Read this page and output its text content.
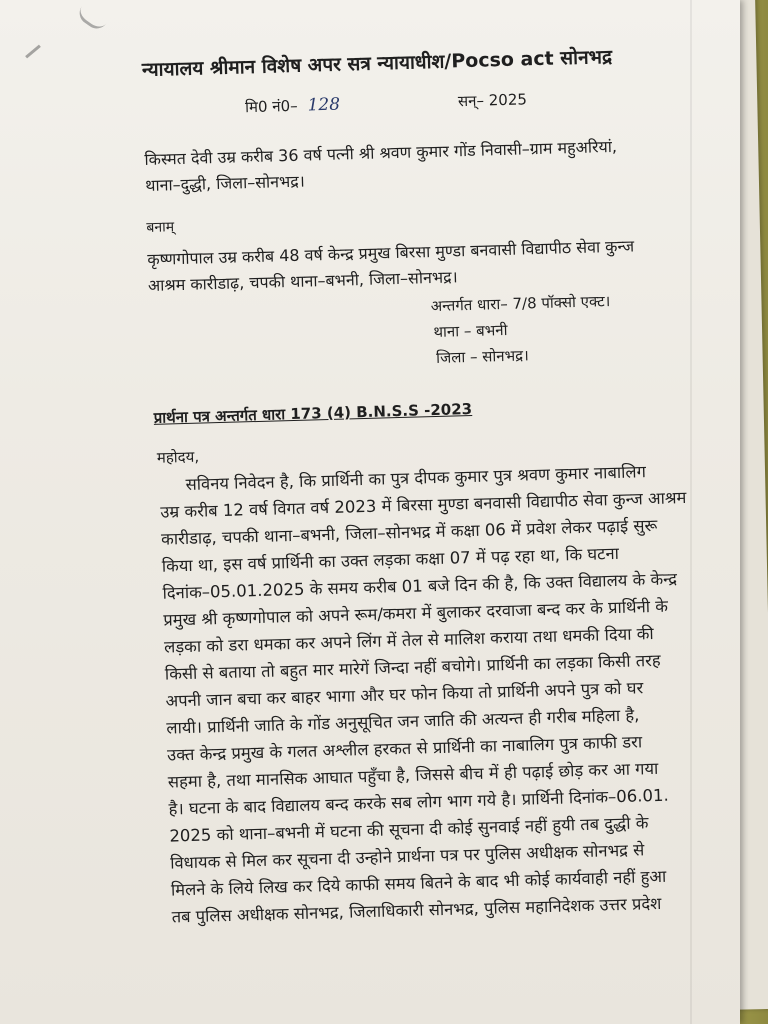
न्यायालय श्रीमान विशेष अपर सत्र न्यायाधीश/Pocso act सोनभद्र
मि0 नं0– 128	सन्– 2025
किस्मत देवी उम्र करीब 36 वर्ष पत्नी श्री श्रवण कुमार गोंड निवासी–ग्राम महुअरियां,
थाना–दुद्धी, जिला–सोनभद्र।
बनाम्
कृष्णगोपाल उम्र करीब 48 वर्ष केन्द्र प्रमुख बिरसा मुण्डा बनवासी विद्यापीठ सेवा कुन्ज
आश्रम कारीडाढ़, चपकी थाना–बभनी, जिला–सोनभद्र।
अन्तर्गत धारा– 7/8 पॉक्सो एक्ट।
थाना – बभनी
जिला – सोनभद्र।
प्रार्थना पत्र अन्तर्गत धारा 173 (4) B.N.S.S -2023
महोदय,
सविनय निवेदन है, कि प्रार्थिनी का पुत्र दीपक कुमार पुत्र श्रवण कुमार नाबालिग
उम्र करीब 12 वर्ष विगत वर्ष 2023 में बिरसा मुण्डा बनवासी विद्यापीठ सेवा कुन्ज आश्रम
कारीडाढ़, चपकी थाना–बभनी, जिला–सोनभद्र में कक्षा 06 में प्रवेश लेकर पढ़ाई सुरू
किया था, इस वर्ष प्रार्थिनी का उक्त लड़का कक्षा 07 में पढ़ रहा था, कि घटना
दिनांक–05.01.2025 के समय करीब 01 बजे दिन की है, कि उक्त विद्यालय के केन्द्र
प्रमुख श्री कृष्णगोपाल को अपने रूम/कमरा में बुलाकर दरवाजा बन्द कर के प्रार्थिनी के
लड़का को डरा धमका कर अपने लिंग में तेल से मालिश कराया तथा धमकी दिया की
किसी से बताया तो बहुत मार मारेगें जिन्दा नहीं बचोगे। प्रार्थिनी का लड़का किसी तरह
अपनी जान बचा कर बाहर भागा और घर फोन किया तो प्रार्थिनी अपने पुत्र को घर
लायी। प्रार्थिनी जाति के गोंड अनुसूचित जन जाति की अत्यन्त ही गरीब महिला है,
उक्त केन्द्र प्रमुख के गलत अश्लील हरकत से प्रार्थिनी का नाबालिग पुत्र काफी डरा
सहमा है, तथा मानसिक आघात पहुँचा है, जिससे बीच में ही पढ़ाई छोड़ कर आ गया
है। घटना के बाद विद्यालय बन्द करके सब लोग भाग गये है। प्रार्थिनी दिनांक–06.01.
2025 को थाना–बभनी में घटना की सूचना दी कोई सुनवाई नहीं हुयी तब दुद्धी के
विधायक से मिल कर सूचना दी उन्होने प्रार्थना पत्र पर पुलिस अधीक्षक सोनभद्र से
मिलने के लिये लिख कर दिये काफी समय बितने के बाद भी कोई कार्यवाही नहीं हुआ
तब पुलिस अधीक्षक सोनभद्र, जिलाधिकारी सोनभद्र, पुलिस महानिदेशक उत्तर प्रदेश
